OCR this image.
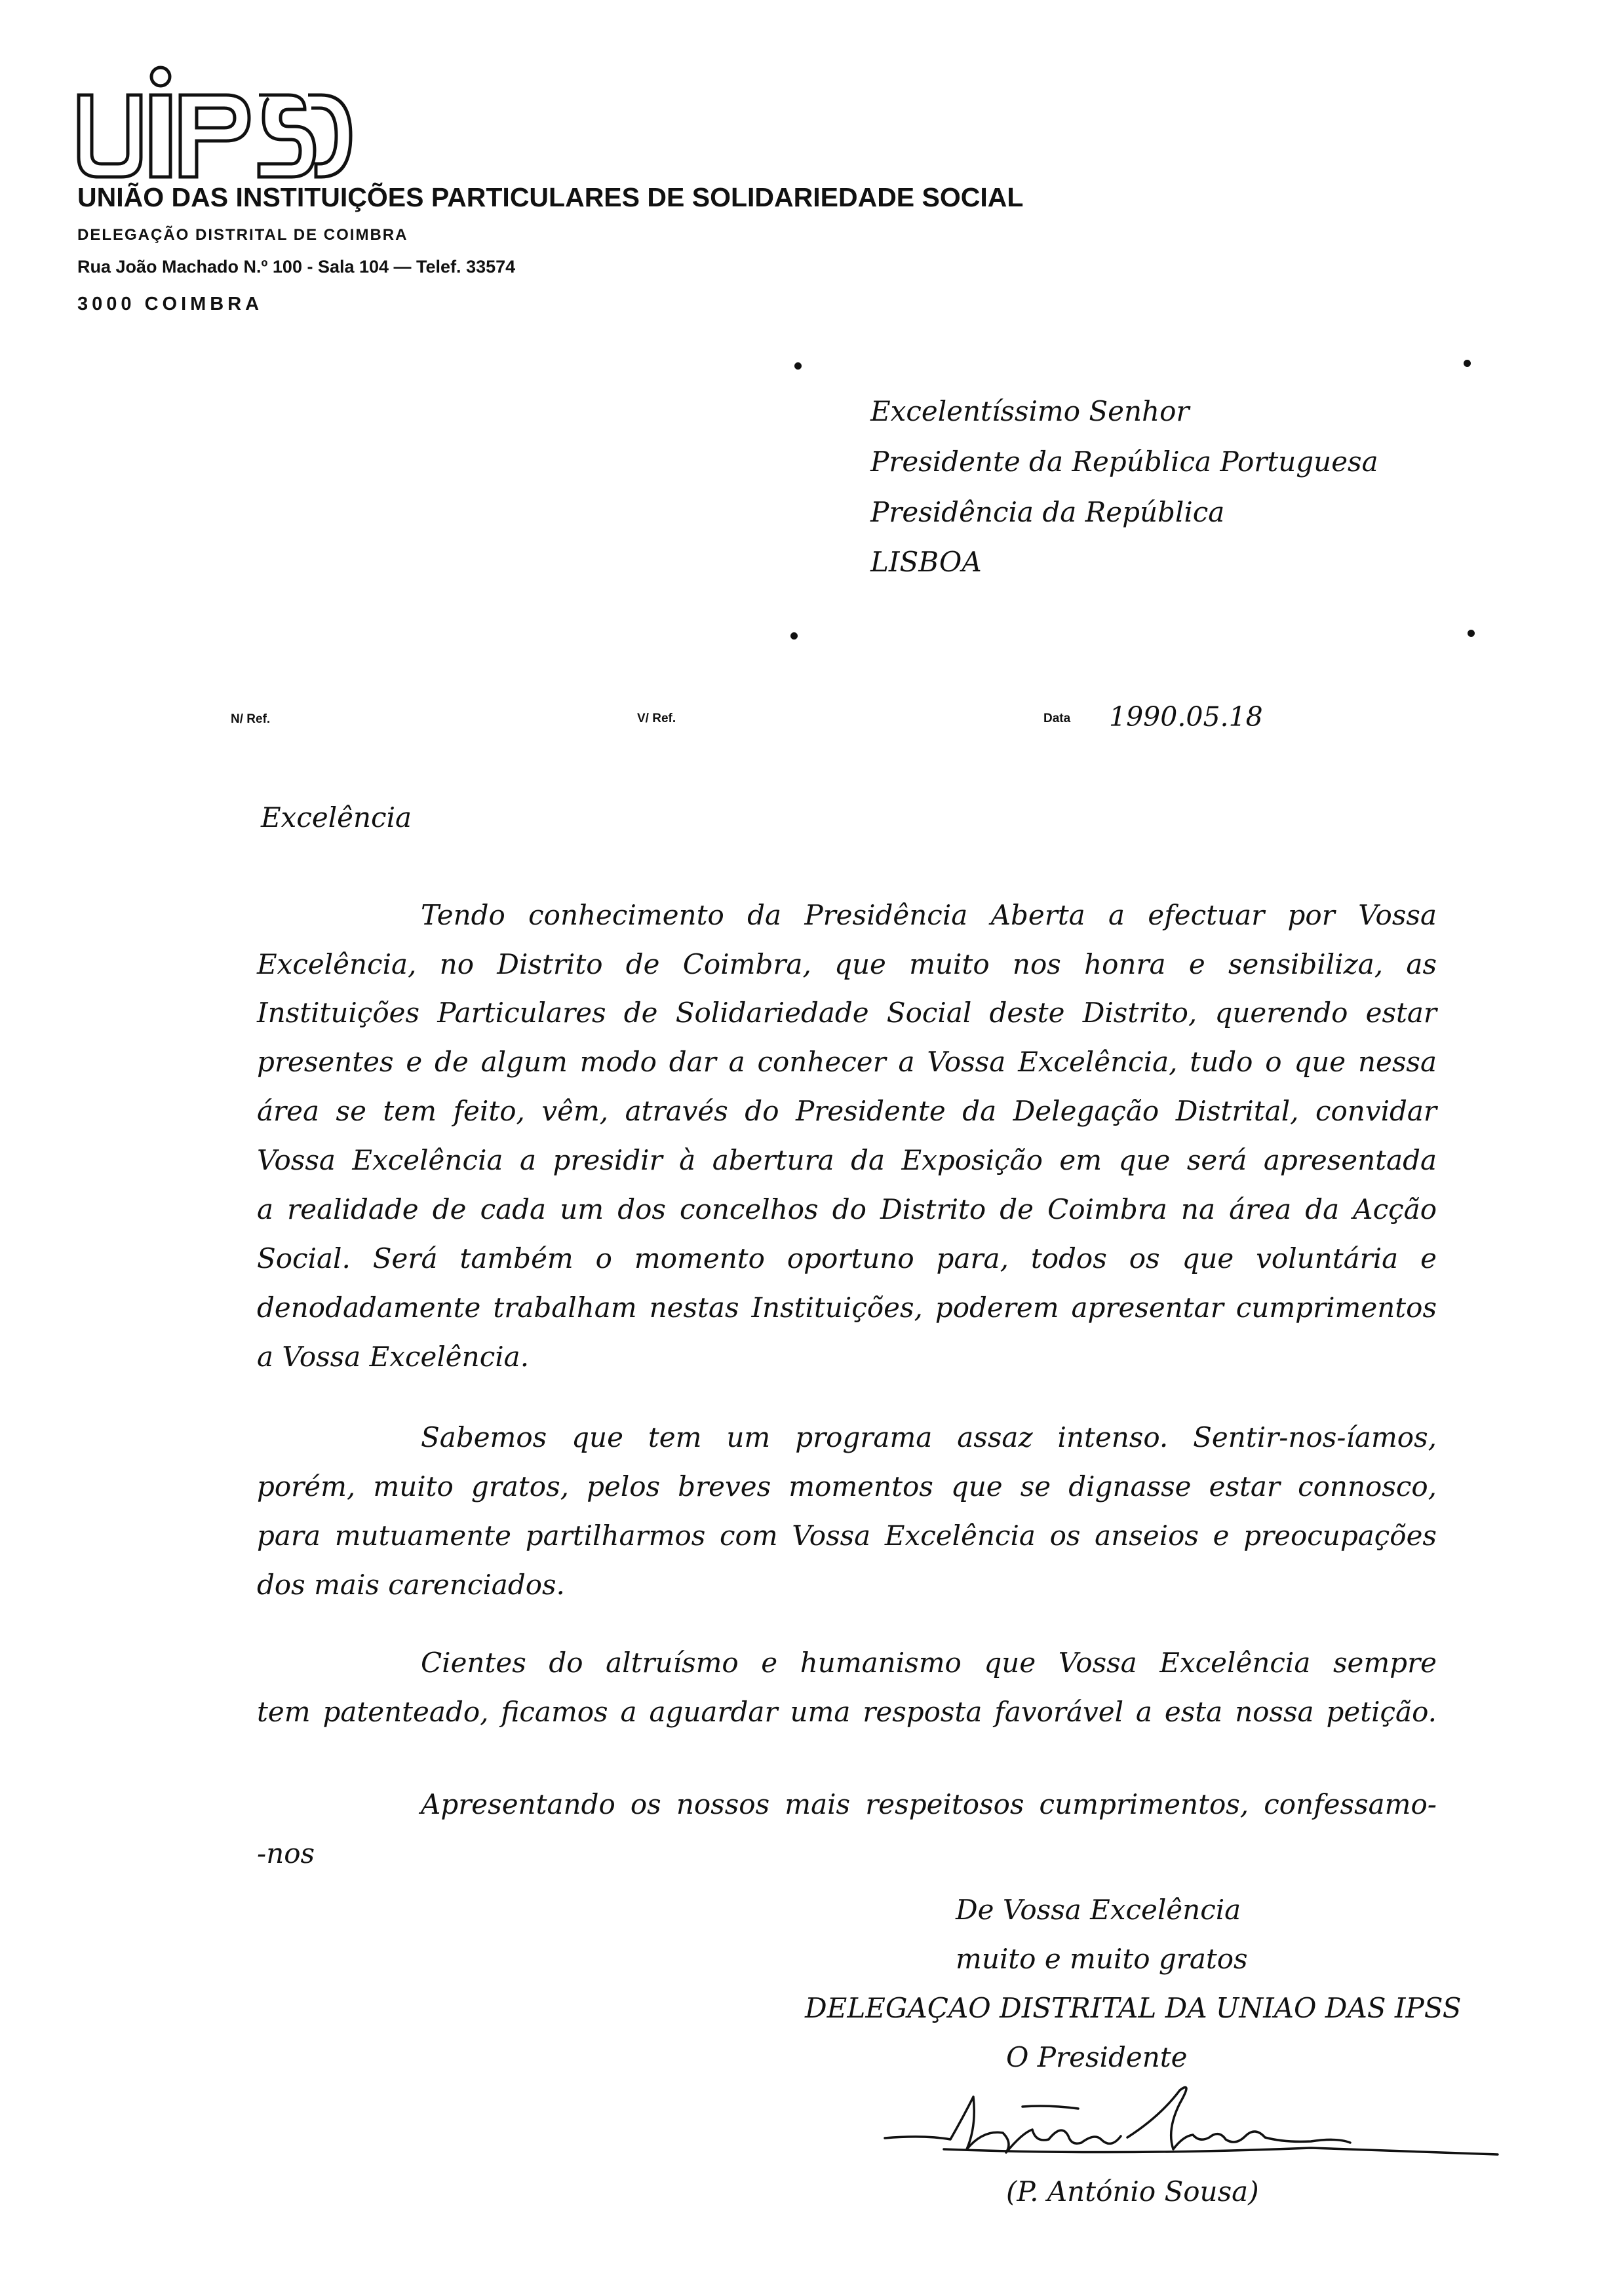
UNIÃO DAS INSTITUIÇÕES PARTICULARES DE SOLIDARIEDADE SOCIAL
DELEGAÇÃO DISTRITAL DE COIMBRA
Rua João Machado N.º 100 - Sala 104 — Telef. 33574
3000 COIMBRA
Excelentíssimo Senhor
Presidente da República Portuguesa
Presidência da República
LISBOA
N/ Ref.	V/ Ref.	Data 1990.05.18
Excelência
Tendo conhecimento da Presidência Aberta a efectuar por Vossa
Excelência, no Distrito de Coimbra, que muito nos honra e sensibiliza, as
Instituições Particulares de Solidariedade Social deste Distrito, querendo estar
presentes e de algum modo dar a conhecer a Vossa Excelência, tudo o que nessa
área se tem feito, vêm, através do Presidente da Delegação Distrital, convidar
Vossa Excelência a presidir à abertura da Exposição em que será apresentada
a realidade de cada um dos concelhos do Distrito de Coimbra na área da Acção
Social. Será também o momento oportuno para, todos os que voluntária e
denodadamente trabalham nestas Instituições, poderem apresentar cumprimentos
a Vossa Excelência.
Sabemos que tem um programa assaz intenso. Sentir-nos-íamos,
porém, muito gratos, pelos breves momentos que se dignasse estar connosco,
para mutuamente partilharmos com Vossa Excelência os anseios e preocupações
dos mais carenciados.
Cientes do altruísmo e humanismo que Vossa Excelência sempre
tem patenteado, ficamos a aguardar uma resposta favorável a esta nossa petição.
Apresentando os nossos mais respeitosos cumprimentos, confessamo-
-nos
De Vossa Excelência
muito e muito gratos
DELEGAÇAO DISTRITAL DA UNIAO DAS IPSS
O Presidente
(P. António Sousa)
